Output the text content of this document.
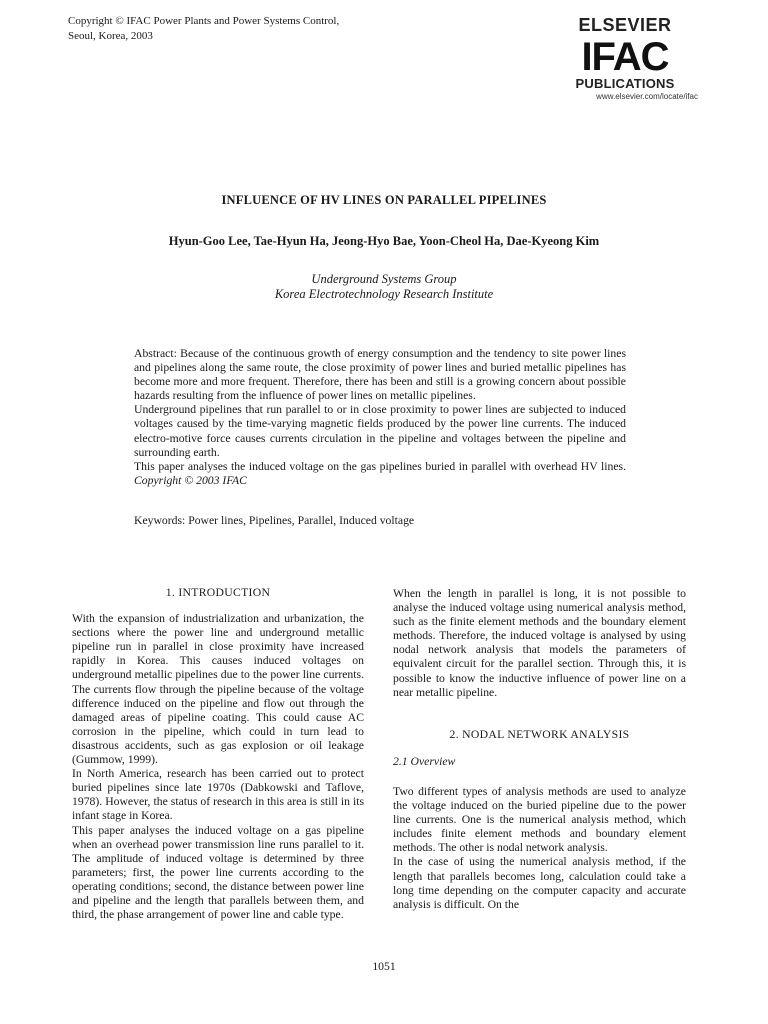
Copyright © IFAC Power Plants and Power Systems Control,
Seoul, Korea, 2003
ELSEVIER
IFAC
PUBLICATIONS
www.elsevier.com/locate/ifac
INFLUENCE OF HV LINES ON PARALLEL PIPELINES
Hyun-Goo Lee, Tae-Hyun Ha, Jeong-Hyo Bae, Yoon-Cheol Ha, Dae-Kyeong Kim
Underground Systems Group
Korea Electrotechnology Research Institute

Abstract: Because of the continuous growth of energy consumption and the tendency to site power lines and pipelines along the same route, the close proximity of power lines and buried metallic pipelines has become more and more frequent. Therefore, there has been and still is a growing concern about possible hazards resulting from the influence of power lines on metallic pipelines.

Underground pipelines that run parallel to or in close proximity to power lines are subjected to induced voltages caused by the time-varying magnetic fields produced by the power line currents. The induced electro-motive force causes currents circulation in the pipeline and voltages between the pipeline and surrounding earth.

This paper analyses the induced voltage on the gas pipelines buried in parallel with overhead HV lines. Copyright © 2003 IFAC

Keywords: Power lines, Pipelines, Parallel, Induced voltage
1. INTRODUCTION

With the expansion of industrialization and urbanization, the sections where the power line and underground metallic pipeline run in parallel in close proximity have increased rapidly in Korea. This causes induced voltages on underground metallic pipelines due to the power line currents. The currents flow through the pipeline because of the voltage difference induced on the pipeline and flow out through the damaged areas of pipeline coating. This could cause AC corrosion in the pipeline, which could in turn lead to disastrous accidents, such as gas explosion or oil leakage (Gummow, 1999).

In North America, research has been carried out to protect buried pipelines since late 1970s (Dabkowski and Taflove, 1978). However, the status of research in this area is still in its infant stage in Korea.

This paper analyses the induced voltage on a gas pipeline when an overhead power transmission line runs parallel to it. The amplitude of induced voltage is determined by three parameters; first, the power line currents according to the operating conditions; second, the distance between power line and pipeline and the length that parallels between them, and third, the phase arrangement of power line and cable type.

When the length in parallel is long, it is not possible to analyse the induced voltage using numerical analysis method, such as the finite element methods and the boundary element methods. Therefore, the induced voltage is analysed by using nodal network analysis that models the parameters of equivalent circuit for the parallel section. Through this, it is possible to know the inductive influence of power line on a near metallic pipeline.

2. NODAL NETWORK ANALYSIS
2.1 Overview

Two different types of analysis methods are used to analyze the voltage induced on the buried pipeline due to the power line currents. One is the numerical analysis method, which includes finite element methods and boundary element methods. The other is nodal network analysis.

In the case of using the numerical analysis method, if the length that parallels becomes long, calculation could take a long time depending on the computer capacity and accurate analysis is difficult. On the

1051
